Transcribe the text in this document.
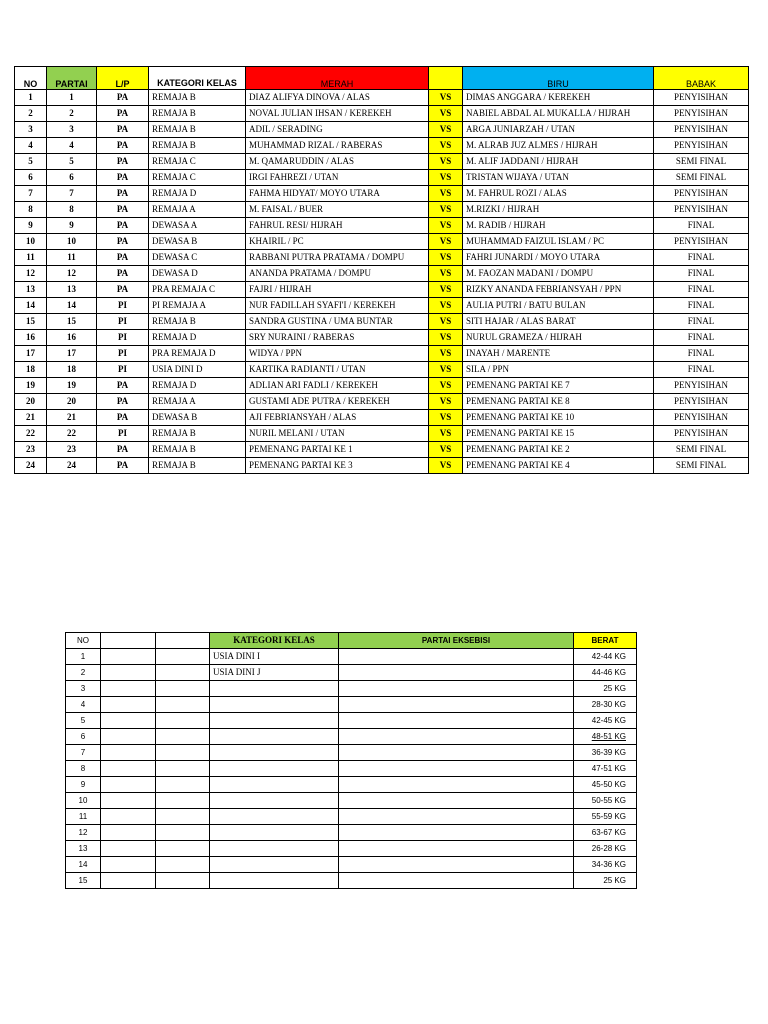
NO	PARTAI	L/P	KATEGORI KELAS	MERAH		BIRU	BABAK
1	1	PA	REMAJA B	DIAZ ALIFYA DINOVA / ALAS	VS	DIMAS ANGGARA / KEREKEH	PENYISIHAN
2	2	PA	REMAJA B	NOVAL JULIAN IHSAN / KEREKEH	VS	NABIEL ABDAL AL MUKALLA / HIJRAH	PENYISIHAN
3	3	PA	REMAJA B	ADIL / SERADING	VS	ARGA JUNIARZAH / UTAN	PENYISIHAN
4	4	PA	REMAJA B	MUHAMMAD RIZAL / RABERAS	VS	M. ALRAB JUZ ALMES / HIJRAH	PENYISIHAN
5	5	PA	REMAJA C	M. QAMARUDDIN / ALAS	VS	M. ALIF JADDANI / HIJRAH	SEMI FINAL
6	6	PA	REMAJA C	IRGI FAHREZI / UTAN	VS	TRISTAN WIJAYA / UTAN	SEMI FINAL
7	7	PA	REMAJA D	FAHMA HIDYAT/ MOYO UTARA	VS	M. FAHRUL ROZI / ALAS	PENYISIHAN
8	8	PA	REMAJA A	M. FAISAL / BUER	VS	M.RIZKI / HIJRAH	PENYISIHAN
9	9	PA	DEWASA A	FAHRUL RESI/ HIJRAH	VS	M. RADIB / HIJRAH	FINAL
10	10	PA	DEWASA B	KHAIRIL / PC	VS	MUHAMMAD FAIZUL ISLAM / PC	PENYISIHAN
11	11	PA	DEWASA C	RABBANI PUTRA PRATAMA / DOMPU	VS	FAHRI JUNARDI / MOYO UTARA	FINAL
12	12	PA	DEWASA D	ANANDA PRATAMA / DOMPU	VS	M. FAOZAN MADANI / DOMPU	FINAL
13	13	PA	PRA REMAJA C	FAJRI / HIJRAH	VS	RIZKY ANANDA FEBRIANSYAH / PPN	FINAL
14	14	PI	PI REMAJA A	NUR FADILLAH SYAFI'I / KEREKEH	VS	AULIA PUTRI / BATU BULAN	FINAL
15	15	PI	REMAJA B	SANDRA GUSTINA / UMA BUNTAR	VS	SITI HAJAR / ALAS BARAT	FINAL
16	16	PI	REMAJA D	SRY NURAINI / RABERAS	VS	NURUL GRAMEZA / HIJRAH	FINAL
17	17	PI	PRA REMAJA D	WIDYA / PPN	VS	INAYAH / MARENTE	FINAL
18	18	PI	USIA DINI D	KARTIKA RADIANTI / UTAN	VS	SILA / PPN	FINAL
19	19	PA	REMAJA D	ADLIAN ARI FADLI / KEREKEH	VS	PEMENANG PARTAI KE 7	PENYISIHAN
20	20	PA	REMAJA A	GUSTAMI ADE PUTRA / KEREKEH	VS	PEMENANG PARTAI KE 8	PENYISIHAN
21	21	PA	DEWASA B	AJI FEBRIANSYAH / ALAS	VS	PEMENANG PARTAI KE 10	PENYISIHAN
22	22	PI	REMAJA B	NURIL MELANI / UTAN	VS	PEMENANG PARTAI KE 15	PENYISIHAN
23	23	PA	REMAJA B	PEMENANG PARTAI KE 1	VS	PEMENANG PARTAI KE 2	SEMI FINAL
24	24	PA	REMAJA B	PEMENANG PARTAI KE 3	VS	PEMENANG PARTAI KE 4	SEMI FINAL
NO			KATEGORI KELAS	PARTAI EKSEBISI	BERAT
1			USIA DINI I		42-44 KG
2			USIA DINI J		44-46 KG
3					25 KG
4					28-30 KG
5					42-45 KG
6					48-51 KG
7					36-39 KG
8					47-51 KG
9					45-50 KG
10					50-55 KG
11					55-59 KG
12					63-67 KG
13					26-28 KG
14					34-36 KG
15					25 KG
